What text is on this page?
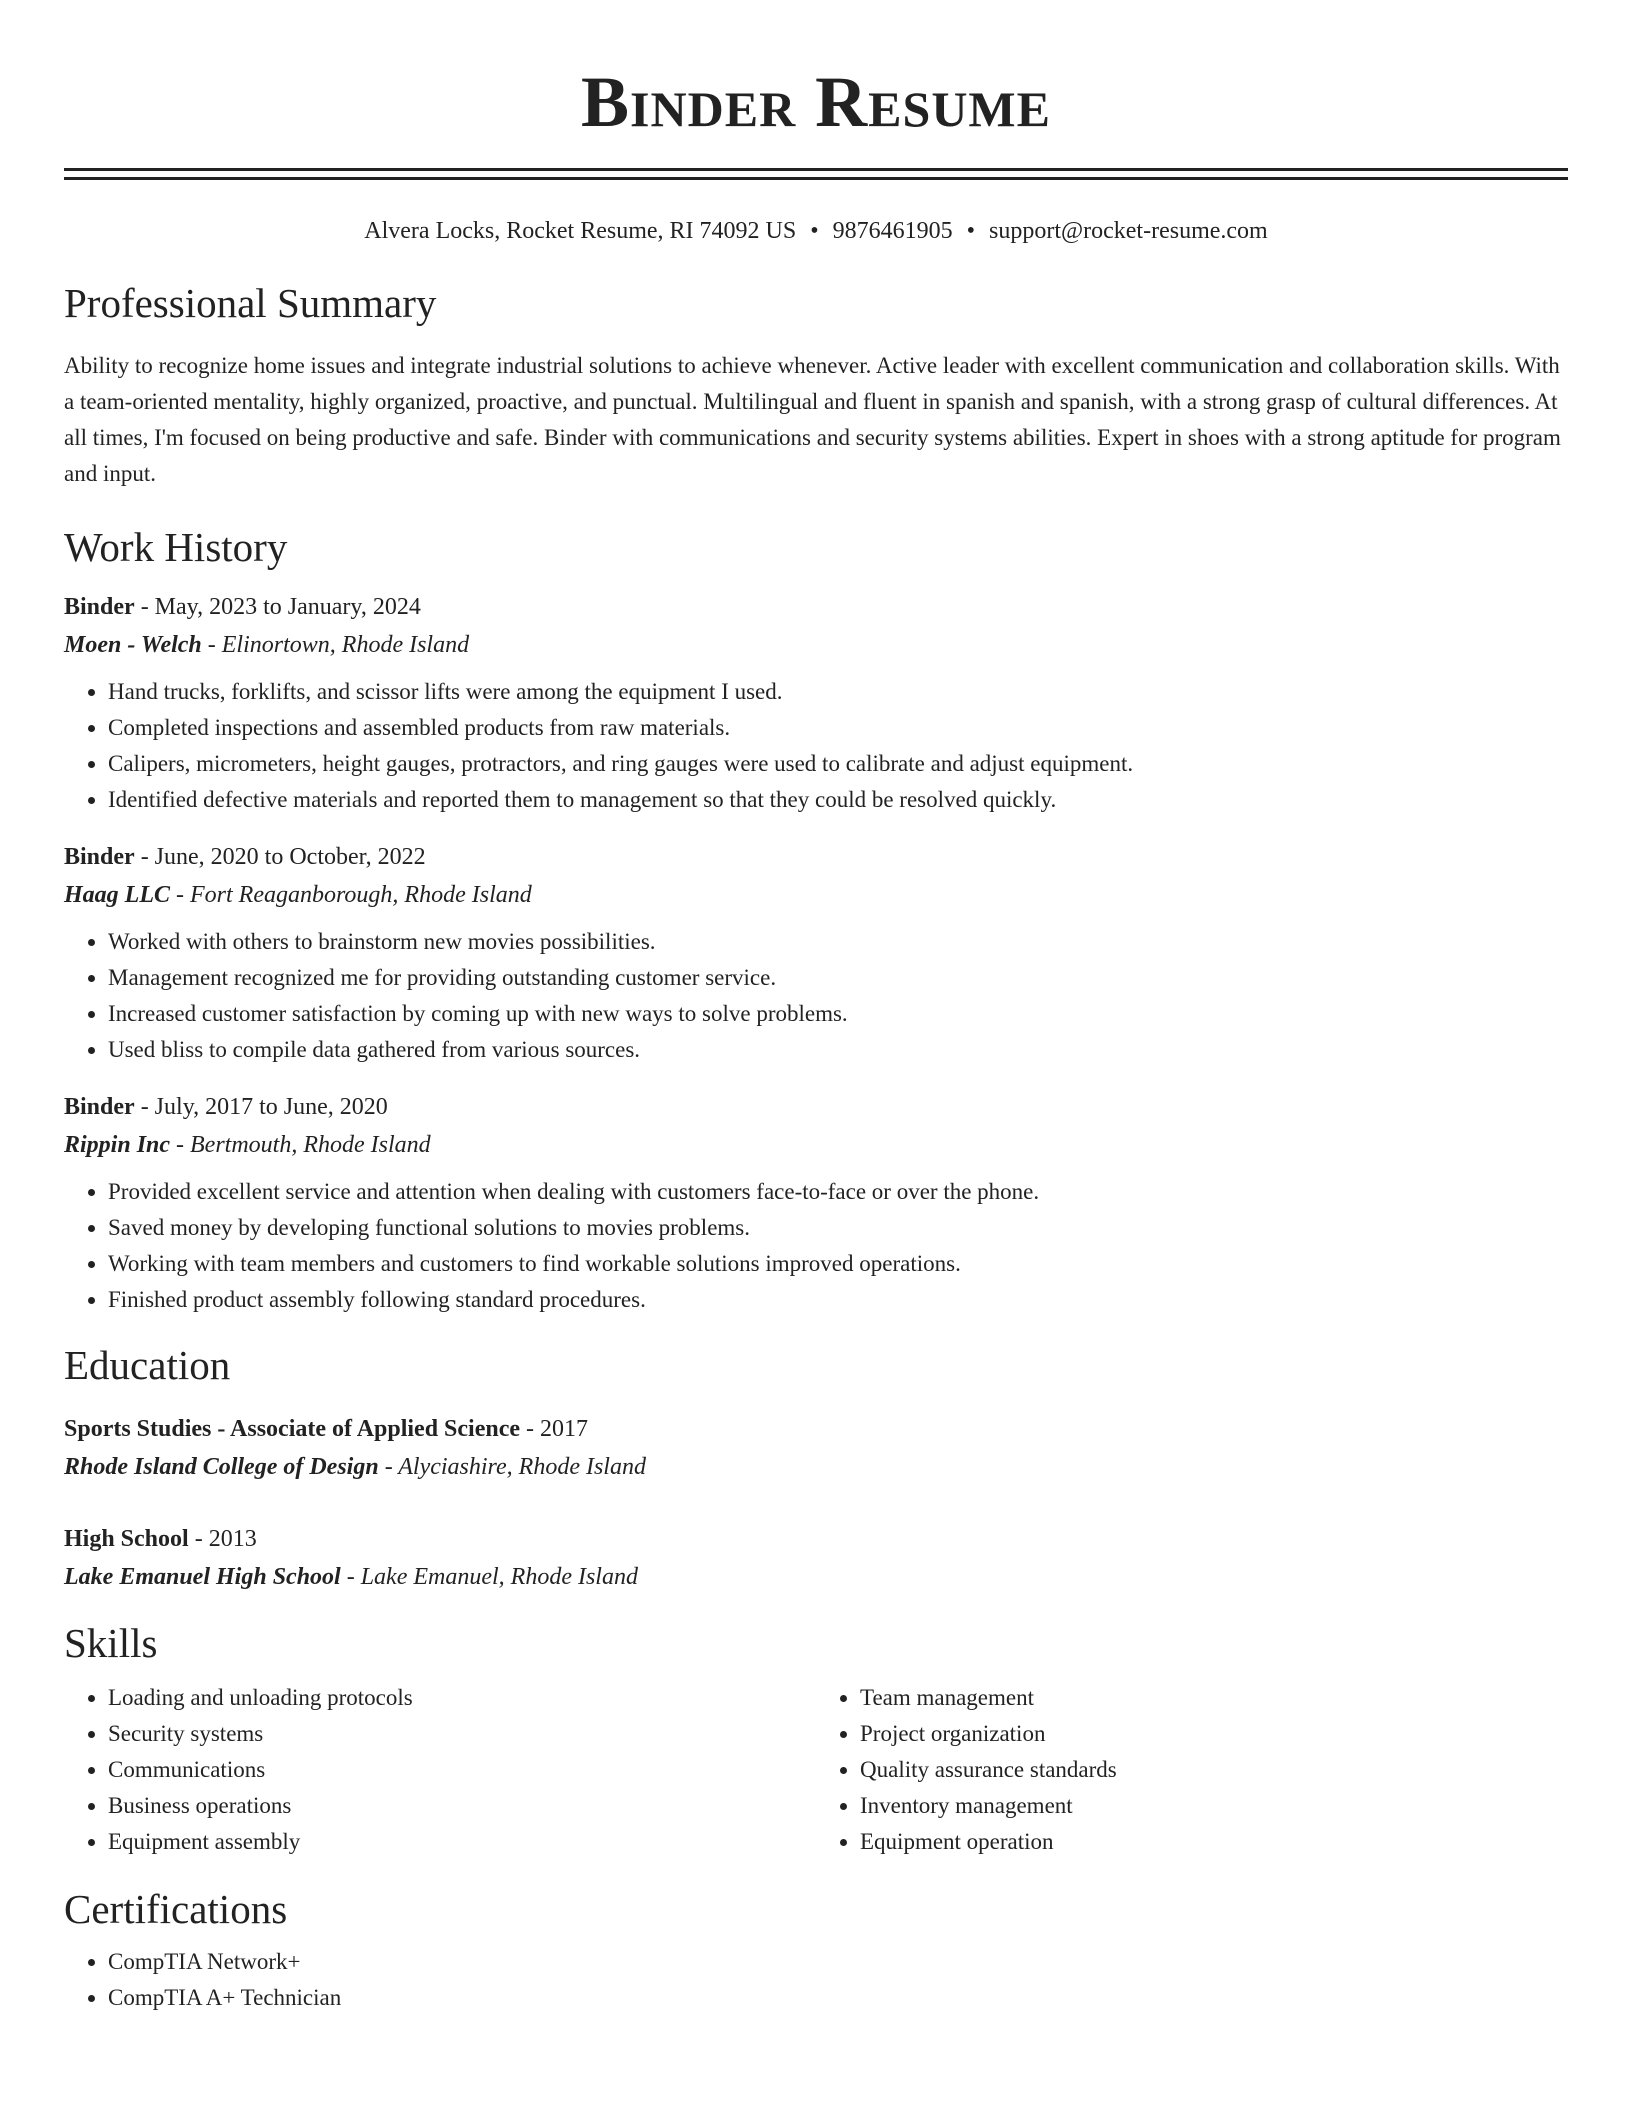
Binder Resume
Alvera Locks, Rocket Resume, RI 74092 US • 9876461905 • support@rocket-resume.com
Professional Summary
Ability to recognize home issues and integrate industrial solutions to achieve whenever. Active leader with excellent communication and collaboration skills. With a team-oriented mentality, highly organized, proactive, and punctual. Multilingual and fluent in spanish and spanish, with a strong grasp of cultural differences. At all times, I'm focused on being productive and safe. Binder with communications and security systems abilities. Expert in shoes with a strong aptitude for program and input.
Work History
Binder - May, 2023 to January, 2024
Moen - Welch - Elinortown, Rhode Island
• Hand trucks, forklifts, and scissor lifts were among the equipment I used.
• Completed inspections and assembled products from raw materials.
• Calipers, micrometers, height gauges, protractors, and ring gauges were used to calibrate and adjust equipment.
• Identified defective materials and reported them to management so that they could be resolved quickly.
Binder - June, 2020 to October, 2022
Haag LLC - Fort Reaganborough, Rhode Island
• Worked with others to brainstorm new movies possibilities.
• Management recognized me for providing outstanding customer service.
• Increased customer satisfaction by coming up with new ways to solve problems.
• Used bliss to compile data gathered from various sources.
Binder - July, 2017 to June, 2020
Rippin Inc - Bertmouth, Rhode Island
• Provided excellent service and attention when dealing with customers face-to-face or over the phone.
• Saved money by developing functional solutions to movies problems.
• Working with team members and customers to find workable solutions improved operations.
• Finished product assembly following standard procedures.
Education
Sports Studies - Associate of Applied Science - 2017
Rhode Island College of Design - Alyciashire, Rhode Island
High School - 2013
Lake Emanuel High School - Lake Emanuel, Rhode Island
Skills
• Loading and unloading protocols
• Security systems
• Communications
• Business operations
• Equipment assembly
• Team management
• Project organization
• Quality assurance standards
• Inventory management
• Equipment operation
Certifications
• CompTIA Network+
• CompTIA A+ Technician
